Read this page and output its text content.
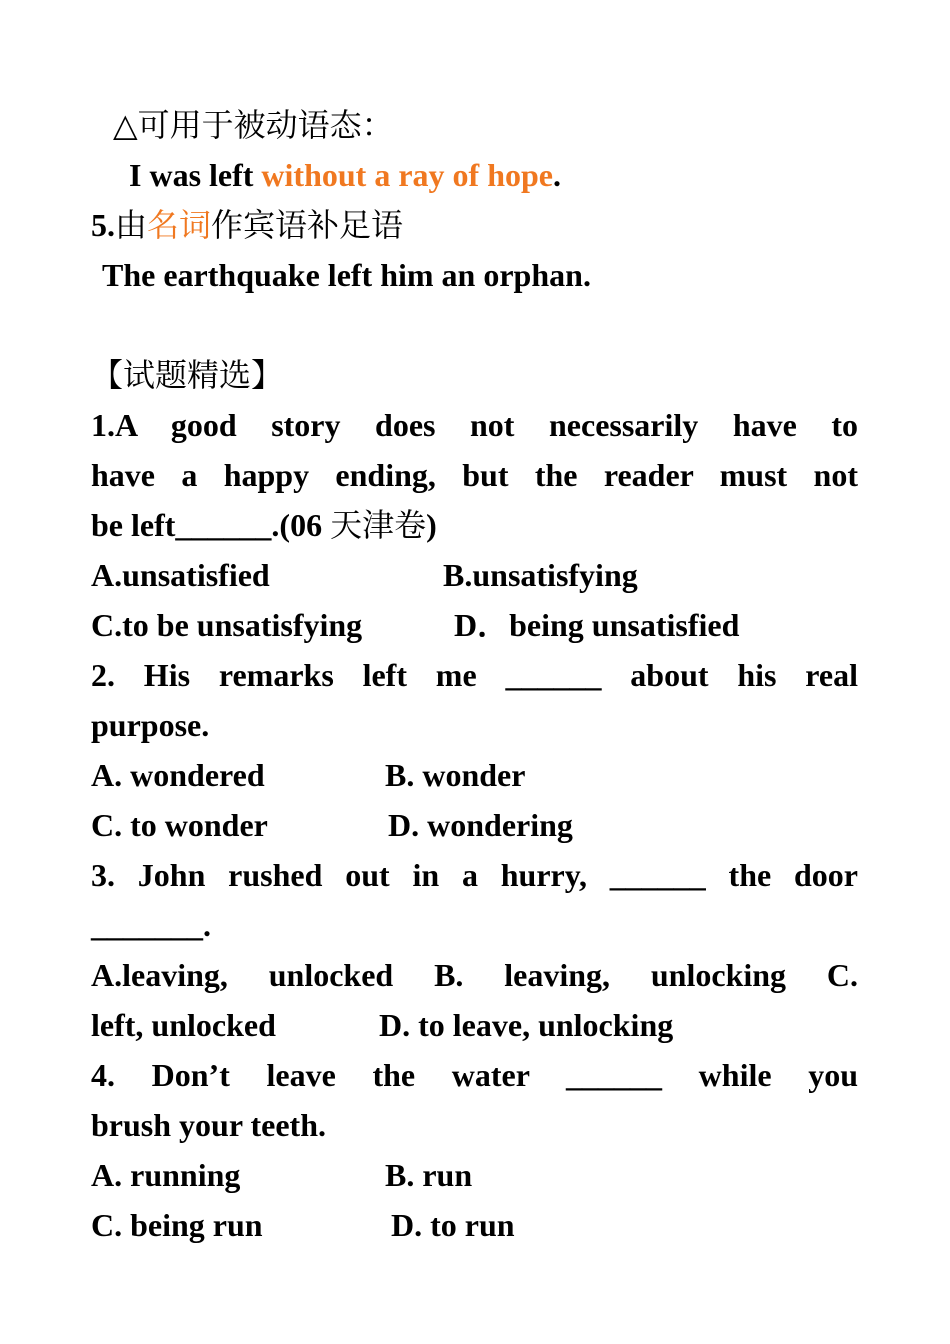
△可用于被动语态：
I was left without a ray of hope.
5.由名词作宾语补足语
The earthquake left him an orphan.
【试题精选】
1.A good story does not necessarily have to
have a happy ending, but the reader must not
be left______.(06 天津卷)
A.unsatisfied	B.unsatisfying
C.to be unsatisfying	D．being unsatisfied
2. His remarks left me ______ about his real
purpose.
A. wondered	B. wonder
C. to wonder	D. wondering
3. John rushed out in a hurry, ______ the door
_______.
A.leaving, unlocked B. leaving, unlocking C.
left, unlocked	D. to leave, unlocking
4. Don’t leave the water ______ while you
brush your teeth.
A. running	B. run
C. being run	D. to run
